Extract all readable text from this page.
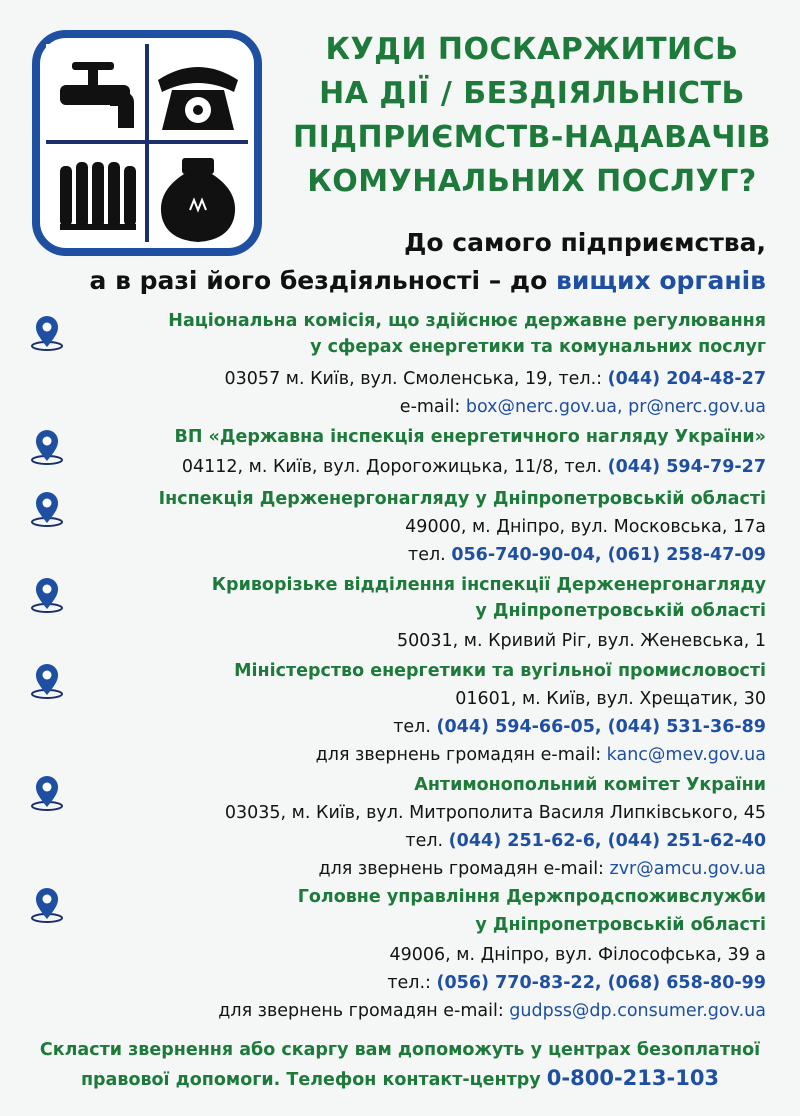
КУДИ ПОСКАРЖИТИСЬ
НА ДІЇ / БЕЗДІЯЛЬНІСТЬ
ПІДПРИЄМСТВ-НАДАВАЧІВ
КОМУНАЛЬНИХ ПОСЛУГ?
До самого підприємства,
а в разі його бездіяльності – до вищих органів
Національна комісія, що здійснює державне регулювання
у сферах енергетики та комунальних послуг
03057 м. Київ, вул. Смоленська, 19, тел.: (044) 204-48-27
e-mail: box@nerc.gov.ua, pr@nerc.gov.ua
ВП «Державна інспекція енергетичного нагляду України»
04112, м. Київ, вул. Дорогожицька, 11/8, тел. (044) 594-79-27
Інспекція Держенергонагляду у Дніпропетровській області
49000, м. Дніпро, вул. Московська, 17а
тел. 056-740-90-04, (061) 258-47-09
Криворізьке відділення інспекції Держенергонагляду
у Дніпропетровській області
50031, м. Кривий Ріг, вул. Женевська, 1
Міністерство енергетики та вугільної промисловості
01601, м. Київ, вул. Хрещатик, 30
тел. (044) 594-66-05, (044) 531-36-89
для звернень громадян e-mail: kanc@mev.gov.ua
Антимонопольний комітет України
03035, м. Київ, вул. Митрополита Василя Липківського, 45
тел. (044) 251-62-6, (044) 251-62-40
для звернень громадян e-mail: zvr@amcu.gov.ua
Головне управління Держпродспоживслужби
у Дніпропетровській області
49006, м. Дніпро, вул. Філософська, 39 а
тел.: (056) 770-83-22, (068) 658-80-99
для звернень громадян e-mail: gudpss@dp.consumer.gov.ua
Скласти звернення або скаргу вам допоможуть у центрах безоплатної
правової допомоги. Телефон контакт-центру 0-800-213-103
